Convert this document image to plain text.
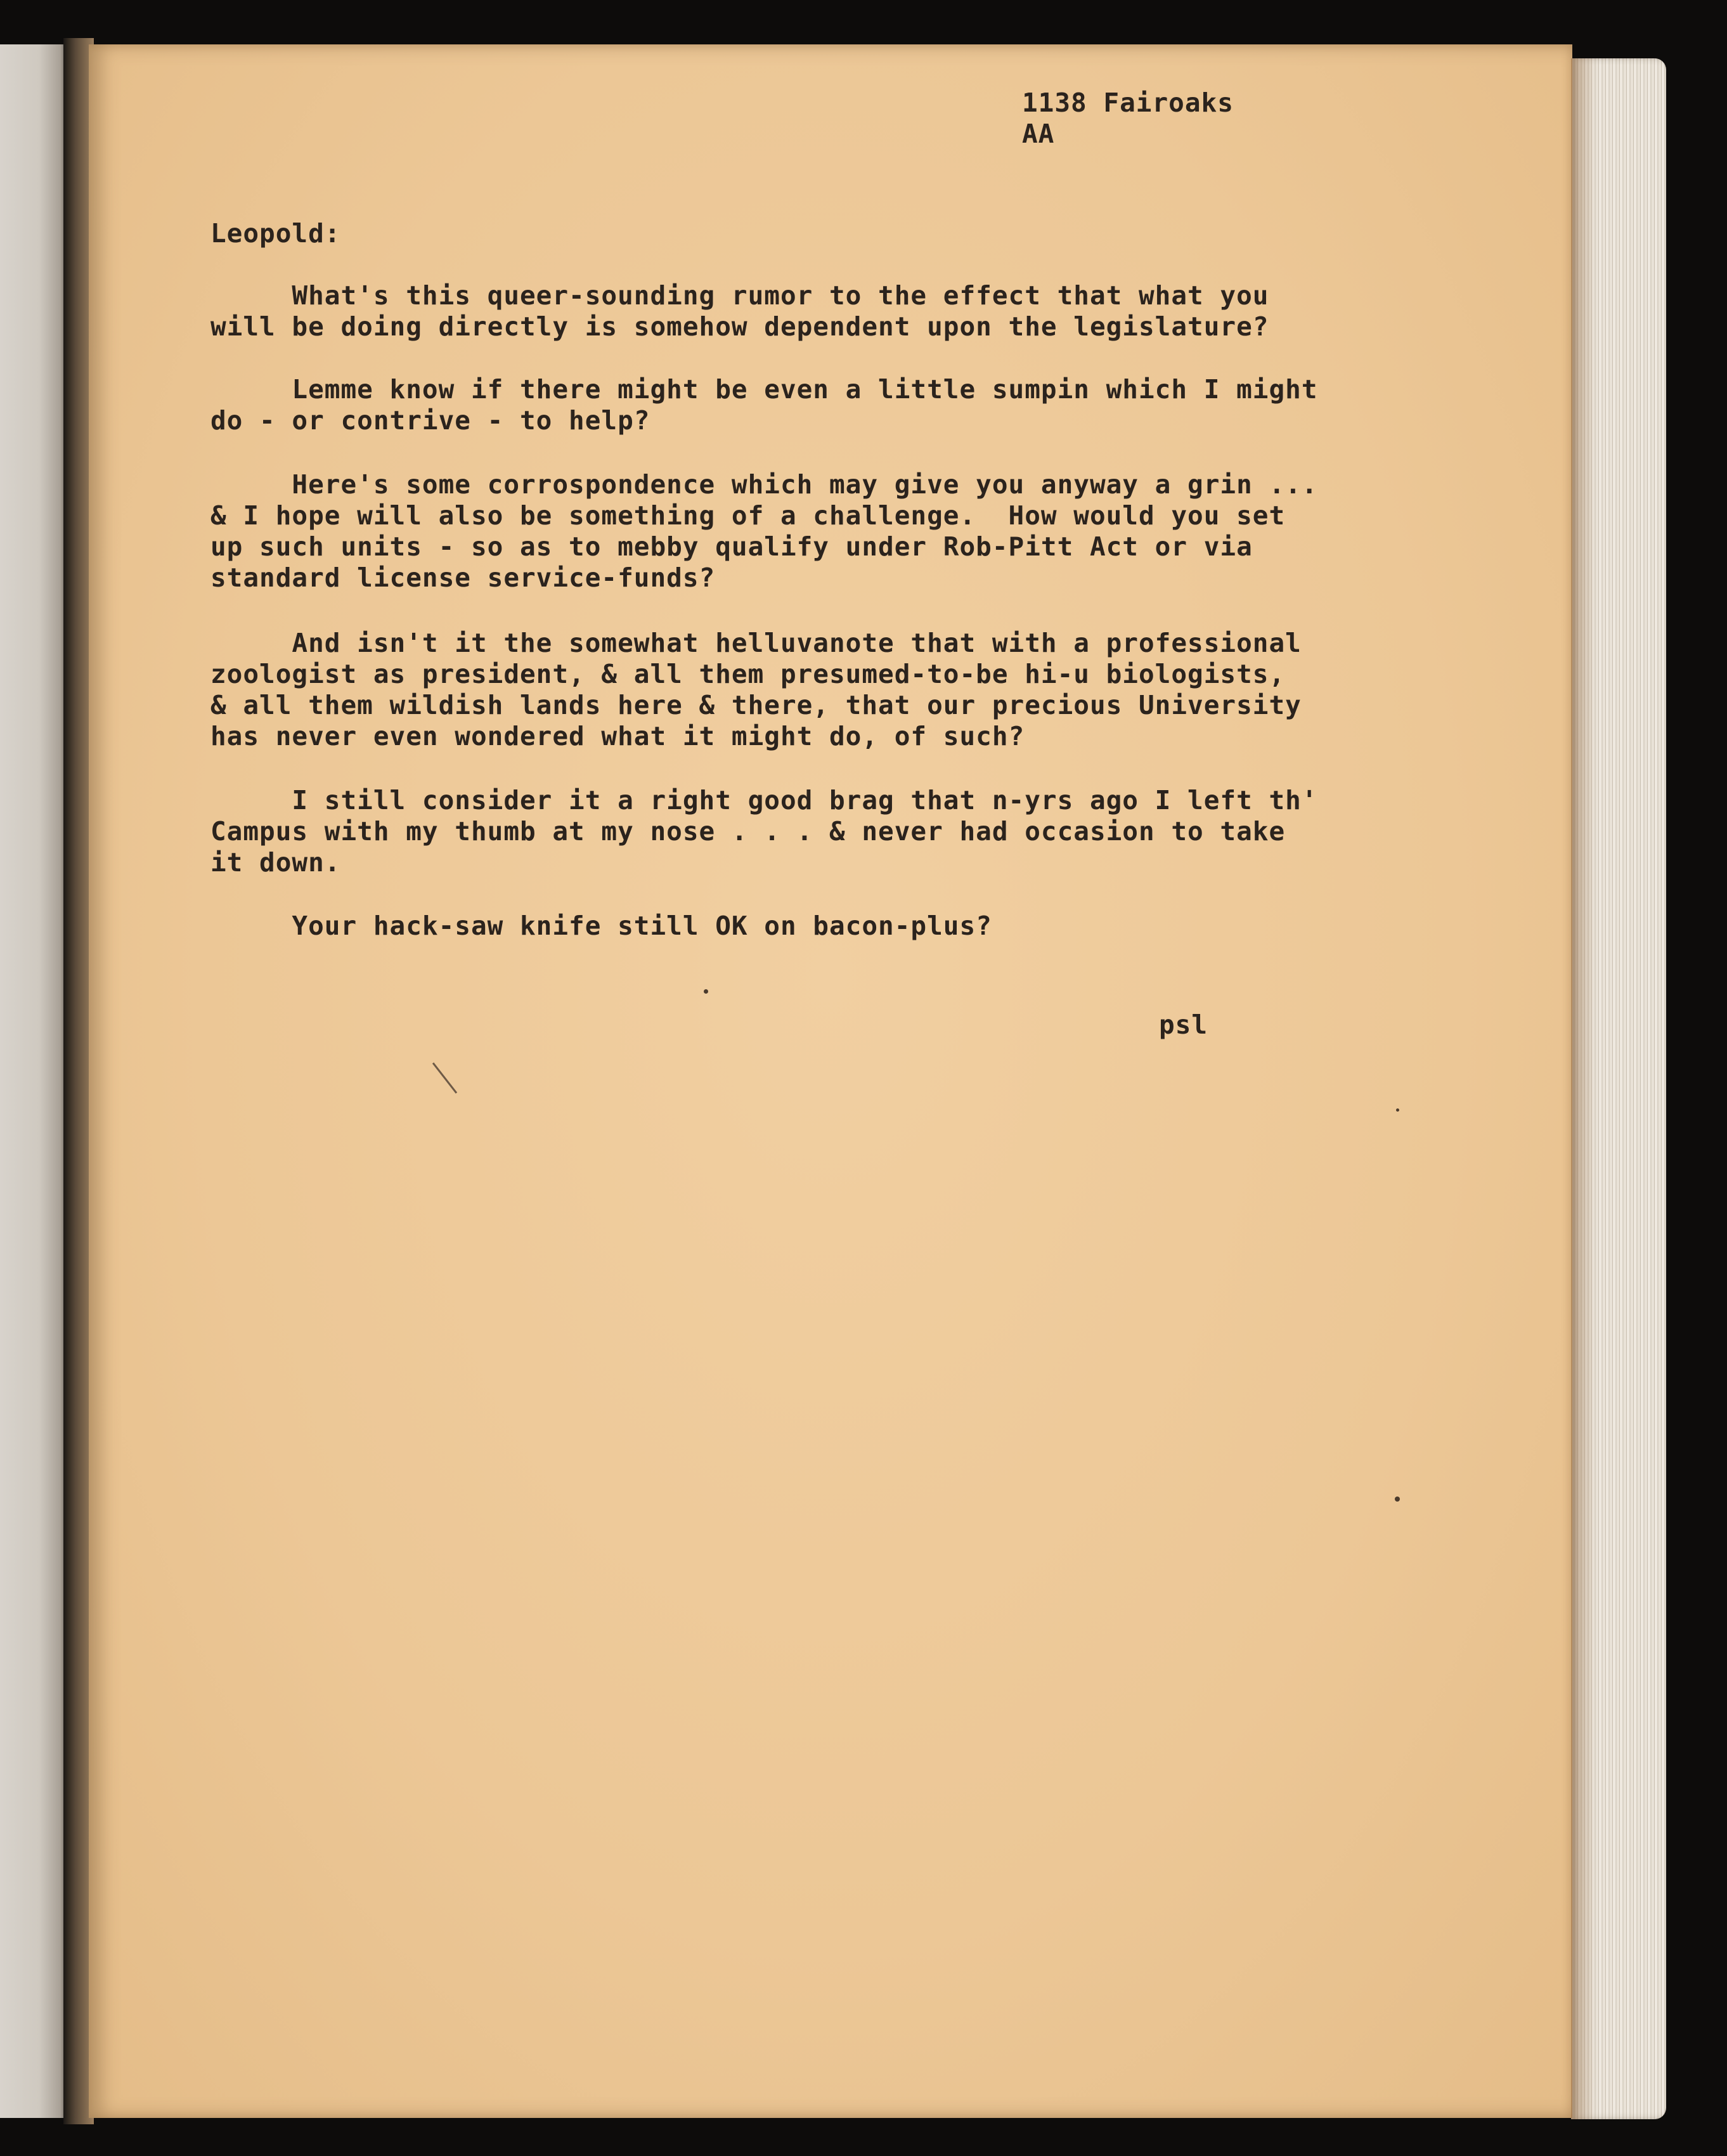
1138 Fairoaks
AA
Leopold:
What's this queer-sounding rumor to the effect that what you
will be doing directly is somehow dependent upon the legislature?
Lemme know if there might be even a little sumpin which I might
do - or contrive - to help?
Here's some corrospondence which may give you anyway a grin ...
& I hope will also be something of a challenge.  How would you set
up such units - so as to mebby qualify under Rob-Pitt Act or via
standard license service-funds?
And isn't it the somewhat helluvanote that with a professional
zoologist as president, & all them presumed-to-be hi-u biologists,
& all them wildish lands here & there, that our precious University
has never even wondered what it might do, of such?
I still consider it a right good brag that n-yrs ago I left th'
Campus with my thumb at my nose . . . & never had occasion to take
it down.
Your hack-saw knife still OK on bacon-plus?
psl
